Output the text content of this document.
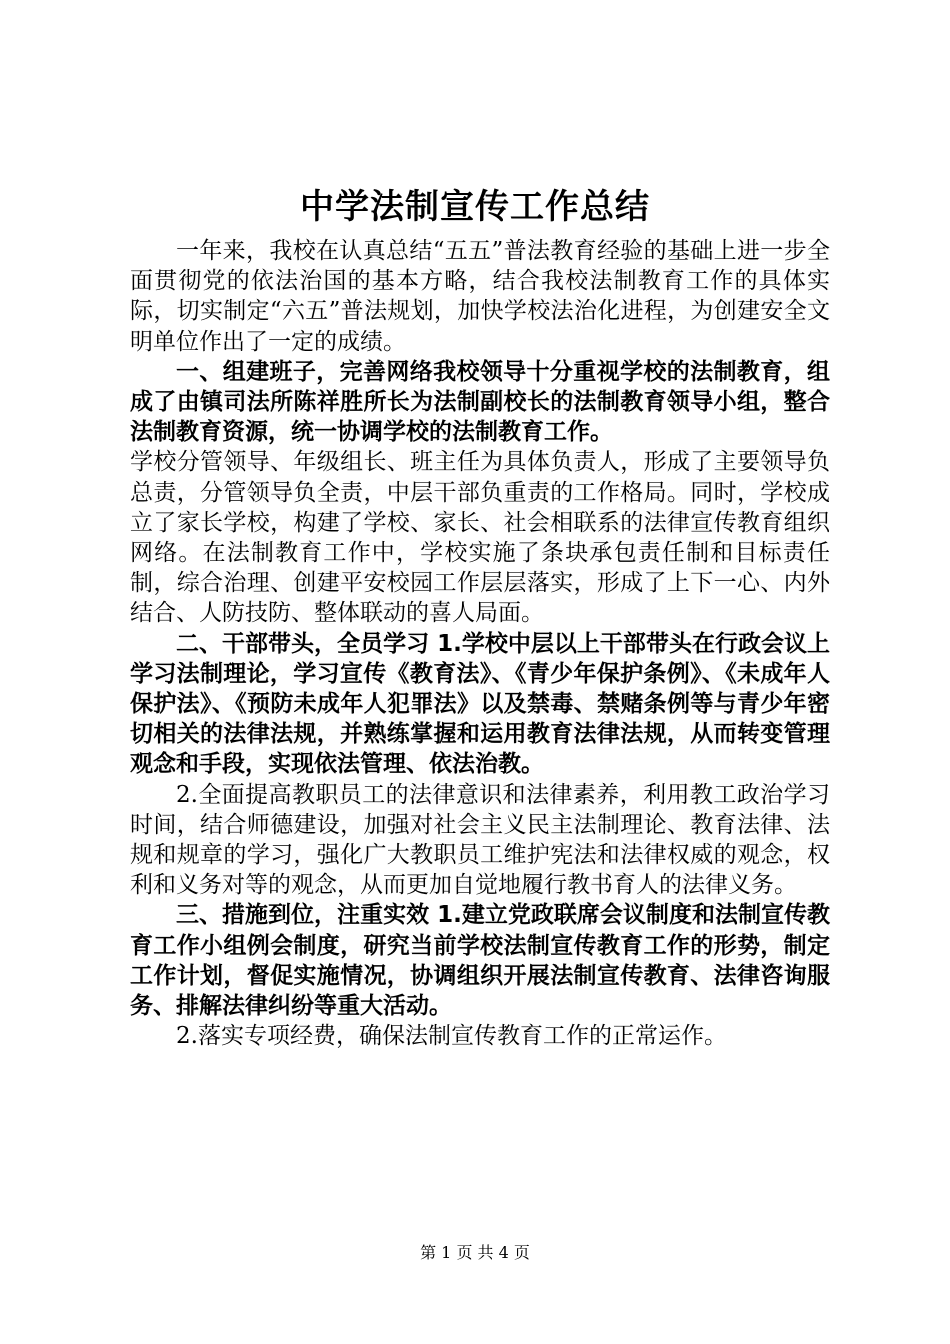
中学法制宣传工作总结

一年来，我校在认真总结“五五”普法教育经验的基础上进一步全面贯彻党的依法治国的基本方略，结合我校法制教育工作的具体实际，切实制定“六五”普法规划，加快学校法治化进程，为创建安全文明单位作出了一定的成绩。

一、组建班子，完善网络我校领导十分重视学校的法制教育，组成了由镇司法所陈祥胜所长为法制副校长的法制教育领导小组，整合法制教育资源，统一协调学校的法制教育工作。

学校分管领导、年级组长、班主任为具体负责人，形成了主要领导负总责，分管领导负全责，中层干部负重责的工作格局。同时，学校成立了家长学校，构建了学校、家长、社会相联系的法律宣传教育组织网络。在法制教育工作中，学校实施了条块承包责任制和目标责任制，综合治理、创建平安校园工作层层落实，形成了上下一心、内外结合、人防技防、整体联动的喜人局面。

二、干部带头，全员学习 1.学校中层以上干部带头在行政会议上学习法制理论，学习宣传《教育法》、《青少年保护条例》、《未成年人保护法》、《预防未成年人犯罪法》以及禁毒、禁赌条例等与青少年密切相关的法律法规，并熟练掌握和运用教育法律法规，从而转变管理观念和手段，实现依法管理、依法治教。

2.全面提高教职员工的法律意识和法律素养，利用教工政治学习时间，结合师德建设，加强对社会主义民主法制理论、教育法律、法规和规章的学习，强化广大教职员工维护宪法和法律权威的观念，权利和义务对等的观念，从而更加自觉地履行教书育人的法律义务。

三、措施到位，注重实效 1.建立党政联席会议制度和法制宣传教育工作小组例会制度，研究当前学校法制宣传教育工作的形势，制定工作计划，督促实施情况，协调组织开展法制宣传教育、法律咨询服务、排解法律纠纷等重大活动。

2.落实专项经费，确保法制宣传教育工作的正常运作。

第 1 页 共 4 页
